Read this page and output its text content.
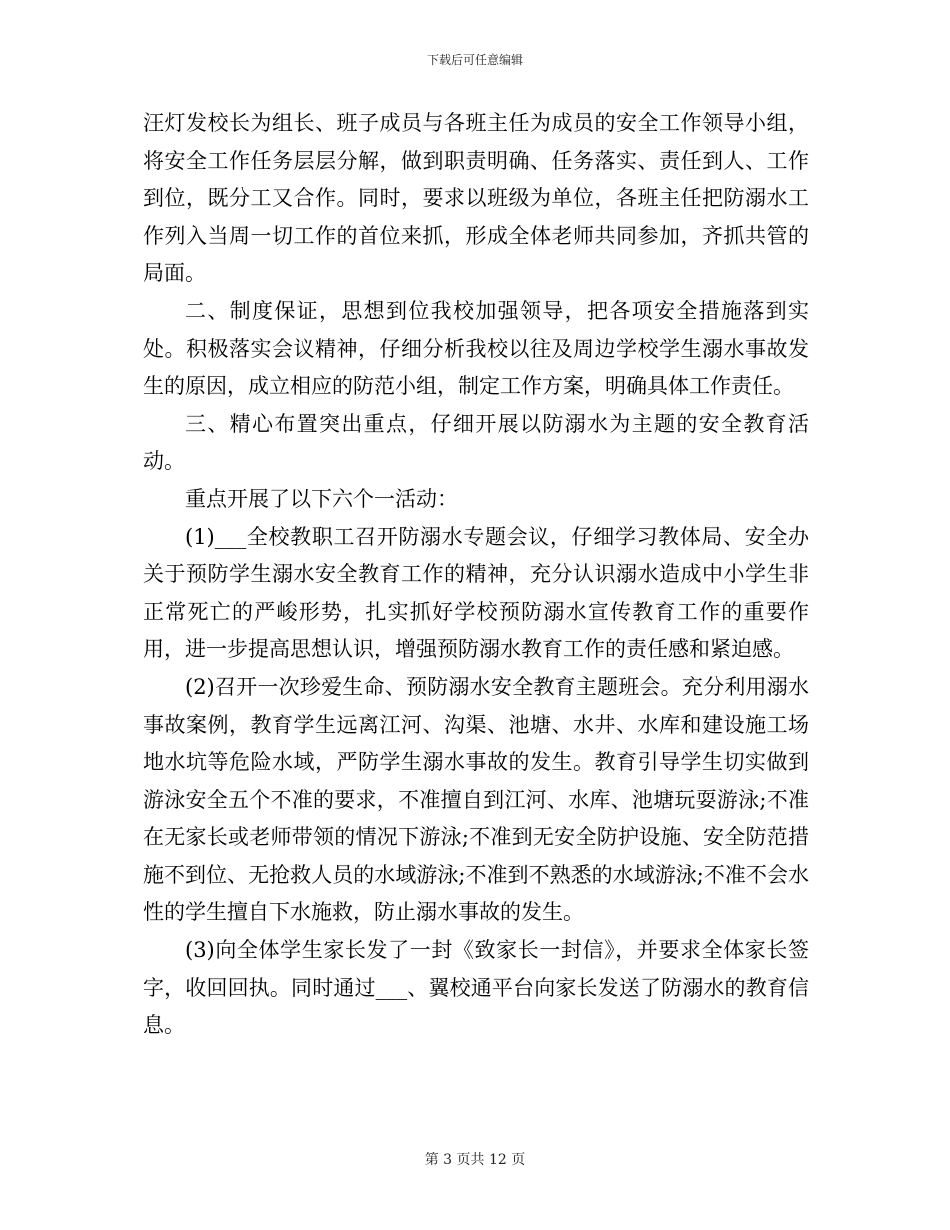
下载后可任意编辑

汪灯发校长为组长、班子成员与各班主任为成员的安全工作领导小组，将安全工作任务层层分解，做到职责明确、任务落实、责任到人、工作到位，既分工又合作。同时，要求以班级为单位，各班主任把防溺水工作列入当周一切工作的首位来抓，形成全体老师共同参加，齐抓共管的局面。

二、制度保证，思想到位我校加强领导，把各项安全措施落到实处。积极落实会议精神，仔细分析我校以往及周边学校学生溺水事故发生的原因，成立相应的防范小组，制定工作方案，明确具体工作责任。

三、精心布置突出重点，仔细开展以防溺水为主题的安全教育活动。

重点开展了以下六个一活动：

(1)___全校教职工召开防溺水专题会议，仔细学习教体局、安全办关于预防学生溺水安全教育工作的精神，充分认识溺水造成中小学生非正常死亡的严峻形势，扎实抓好学校预防溺水宣传教育工作的重要作用，进一步提高思想认识，增强预防溺水教育工作的责任感和紧迫感。

(2)召开一次珍爱生命、预防溺水安全教育主题班会。充分利用溺水事故案例，教育学生远离江河、沟渠、池塘、水井、水库和建设施工场地水坑等危险水域，严防学生溺水事故的发生。教育引导学生切实做到游泳安全五个不准的要求，不准擅自到江河、水库、池塘玩耍游泳;不准在无家长或老师带领的情况下游泳;不准到无安全防护设施、安全防范措施不到位、无抢救人员的水域游泳;不准到不熟悉的水域游泳;不准不会水性的学生擅自下水施救，防止溺水事故的发生。

(3)向全体学生家长发了一封《致家长一封信》，并要求全体家长签字，收回回执。同时通过___、翼校通平台向家长发送了防溺水的教育信息。

第 3 页共 12 页
